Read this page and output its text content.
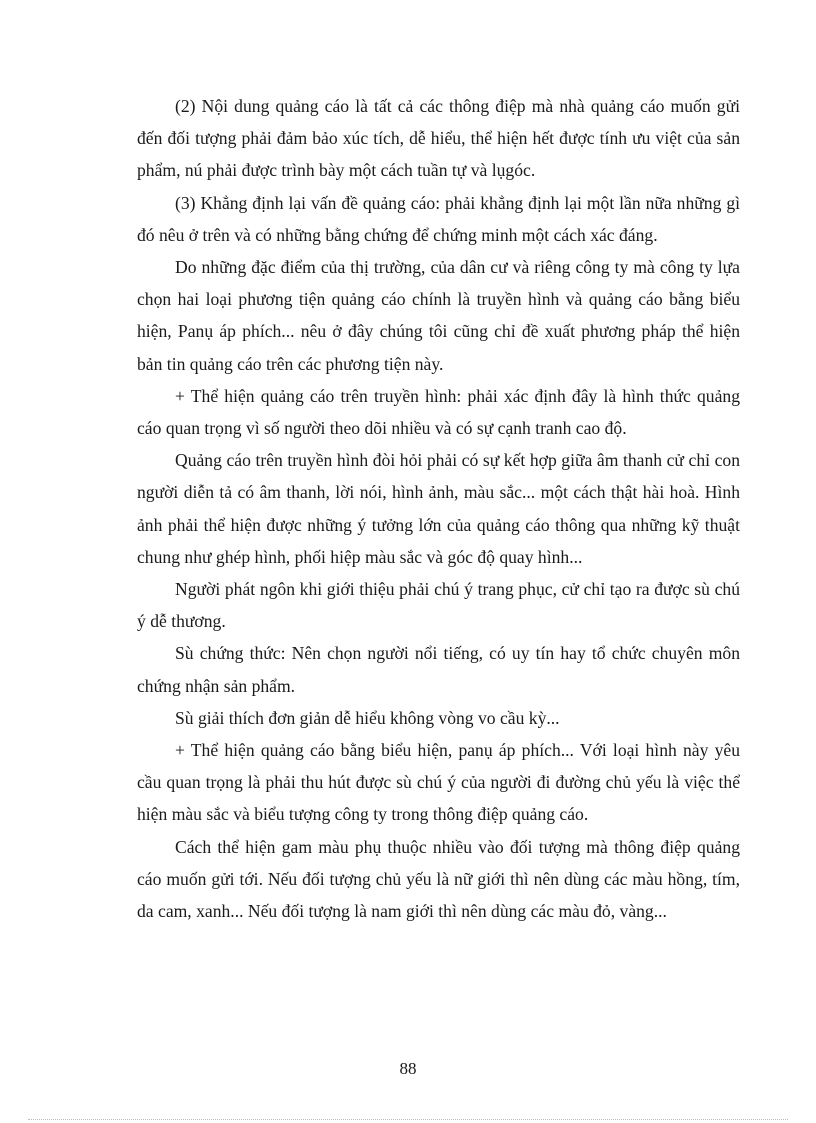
(2) Nội dung quảng cáo là tất cả các thông điệp mà nhà quảng cáo muốn gửi đến đối tượng phải đảm bảo xúc tích, dễ hiểu, thể hiện hết được tính ưu việt của sản phẩm, nú phải được trình bày một cách tuần tự và lụgóc.

(3) Khẳng định lại vấn đề quảng cáo: phải khẳng định lại một lần nữa những gì đó nêu ở trên và có những bằng chứng để chứng minh một cách xác đáng.

Do những đặc điểm của thị trường, của dân cư và riêng công ty mà công ty lựa chọn hai loại phương tiện quảng cáo chính là truyền hình và quảng cáo bằng biểu hiện, Panụ áp phích... nêu ở đây chúng tôi cũng chỉ đề xuất phương pháp thể hiện bản tin quảng cáo trên các phương tiện này.

+ Thể hiện quảng cáo trên truyền hình: phải xác định đây là hình thức quảng cáo quan trọng vì số người theo dõi nhiều và có sự cạnh tranh cao độ.

Quảng cáo trên truyền hình đòi hỏi phải có sự kết hợp giữa âm thanh cử chỉ con người diễn tả có âm thanh, lời nói, hình ảnh, màu sắc... một cách thật hài hoà. Hình ảnh phải thể hiện được những ý tưởng lớn của quảng cáo thông qua những kỹ thuật chung như ghép hình, phối hiệp màu sắc và góc độ quay hình...

Người phát ngôn khi giới thiệu phải chú ý trang phục, cử chỉ tạo ra được sù chú ý dễ thương.

Sù chứng thức: Nên chọn người nổi tiếng, có uy tín hay tổ chức chuyên môn chứng nhận sản phẩm.

Sù giải thích đơn giản dễ hiểu không vòng vo cầu kỳ...

+ Thể hiện quảng cáo bằng biểu hiện, panụ áp phích... Với loại hình này yêu cầu quan trọng là phải thu hút được sù chú ý của người đi đường chủ yếu là việc thể hiện màu sắc và biểu tượng công ty trong thông điệp quảng cáo.

Cách thể hiện gam màu phụ thuộc nhiều vào đối tượng mà thông điệp quảng cáo muốn gửi tới. Nếu đối tượng chủ yếu là nữ giới thì nên dùng các màu hồng, tím, da cam, xanh... Nếu đối tượng là nam giới thì nên dùng các màu đỏ, vàng...

88
